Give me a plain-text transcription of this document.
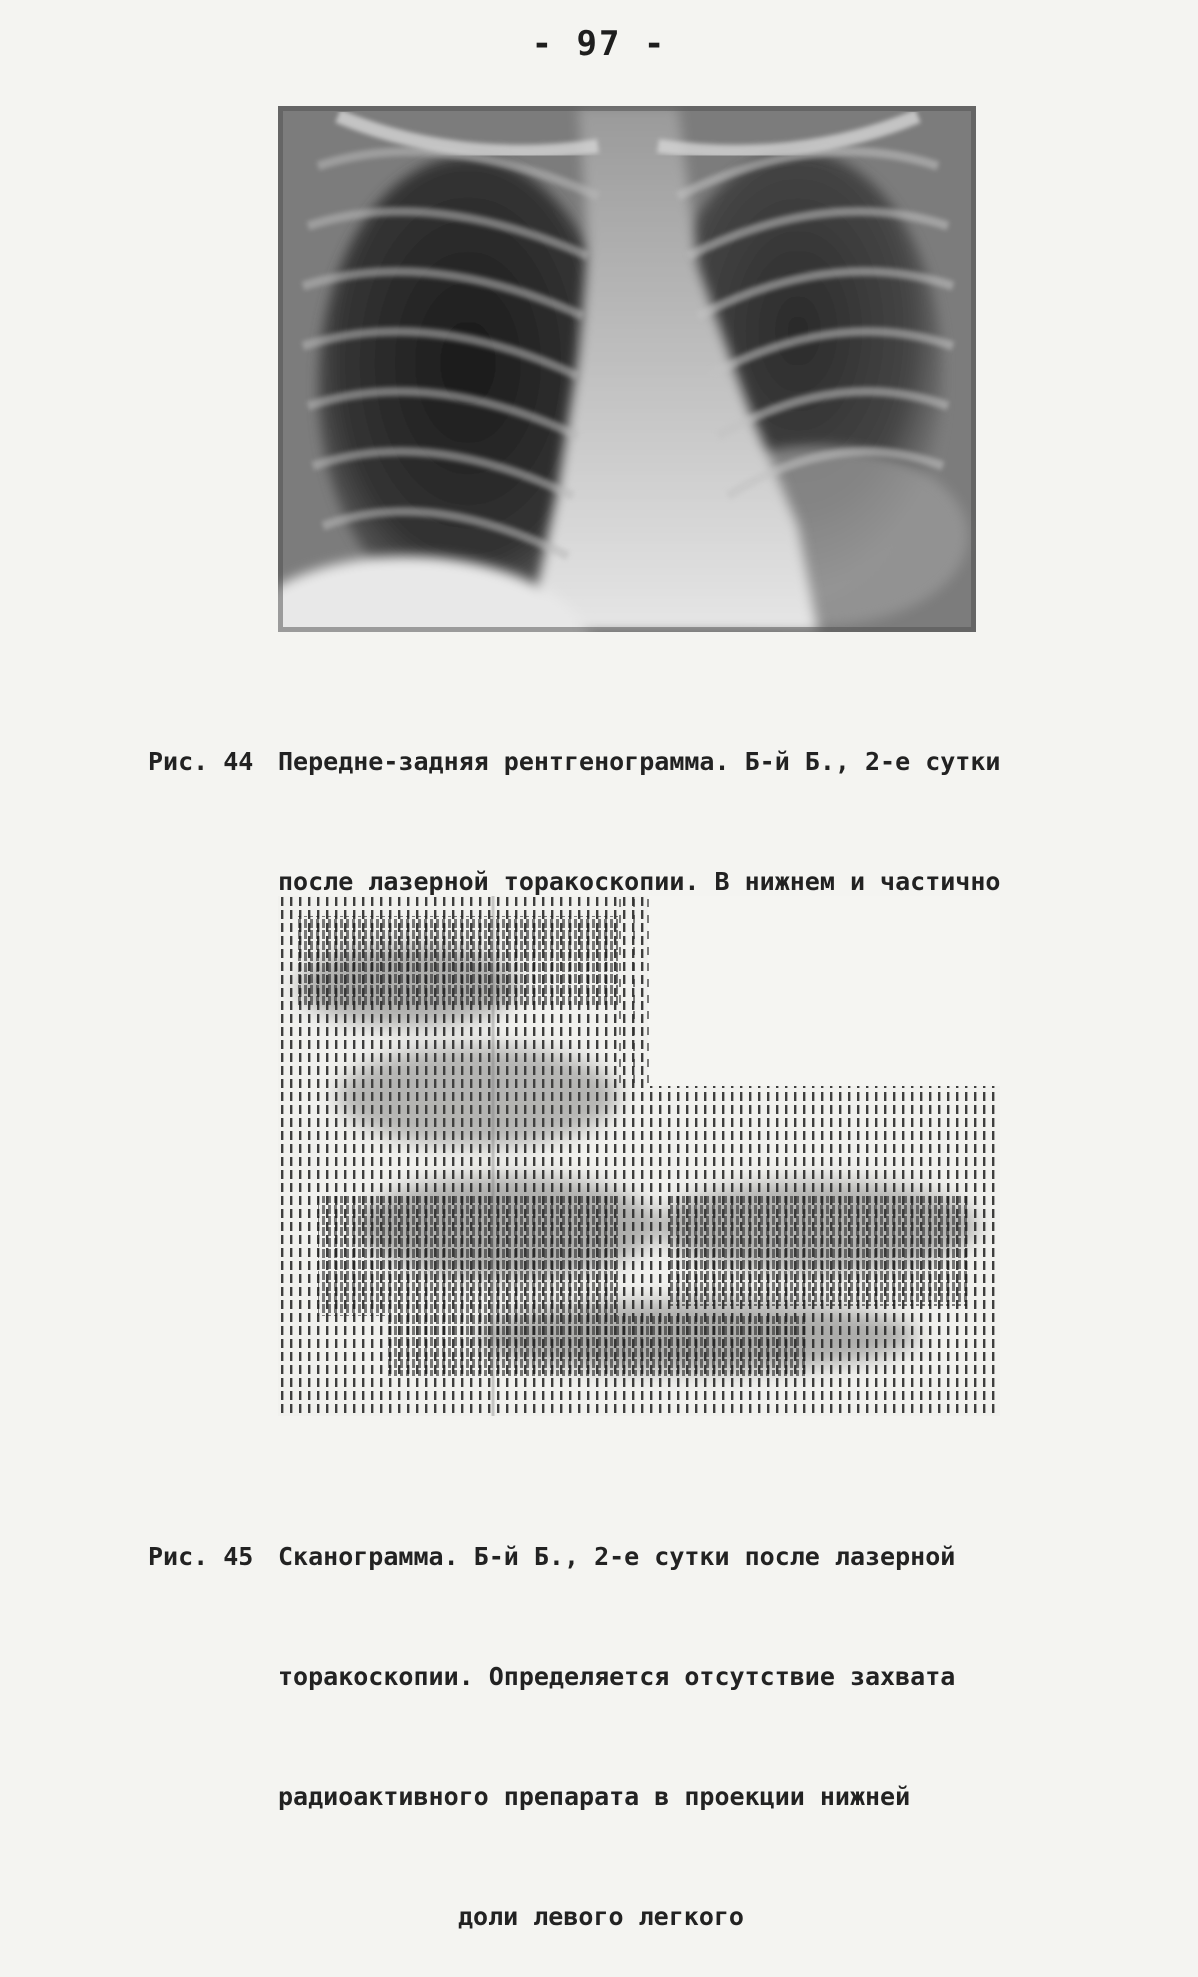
- 97 -

Рис. 44 Передне-задняя рентгенограмма. Б-й Б., 2-е сутки

после лазерной торакоскопии. В нижнем и частично

Рис. 45 Сканограмма. Б-й Б., 2-е сутки после лазерной

торакоскопии. Определяется отсутствие захвата

радиоактивного препарата в проекции нижней

доли левого легкого
